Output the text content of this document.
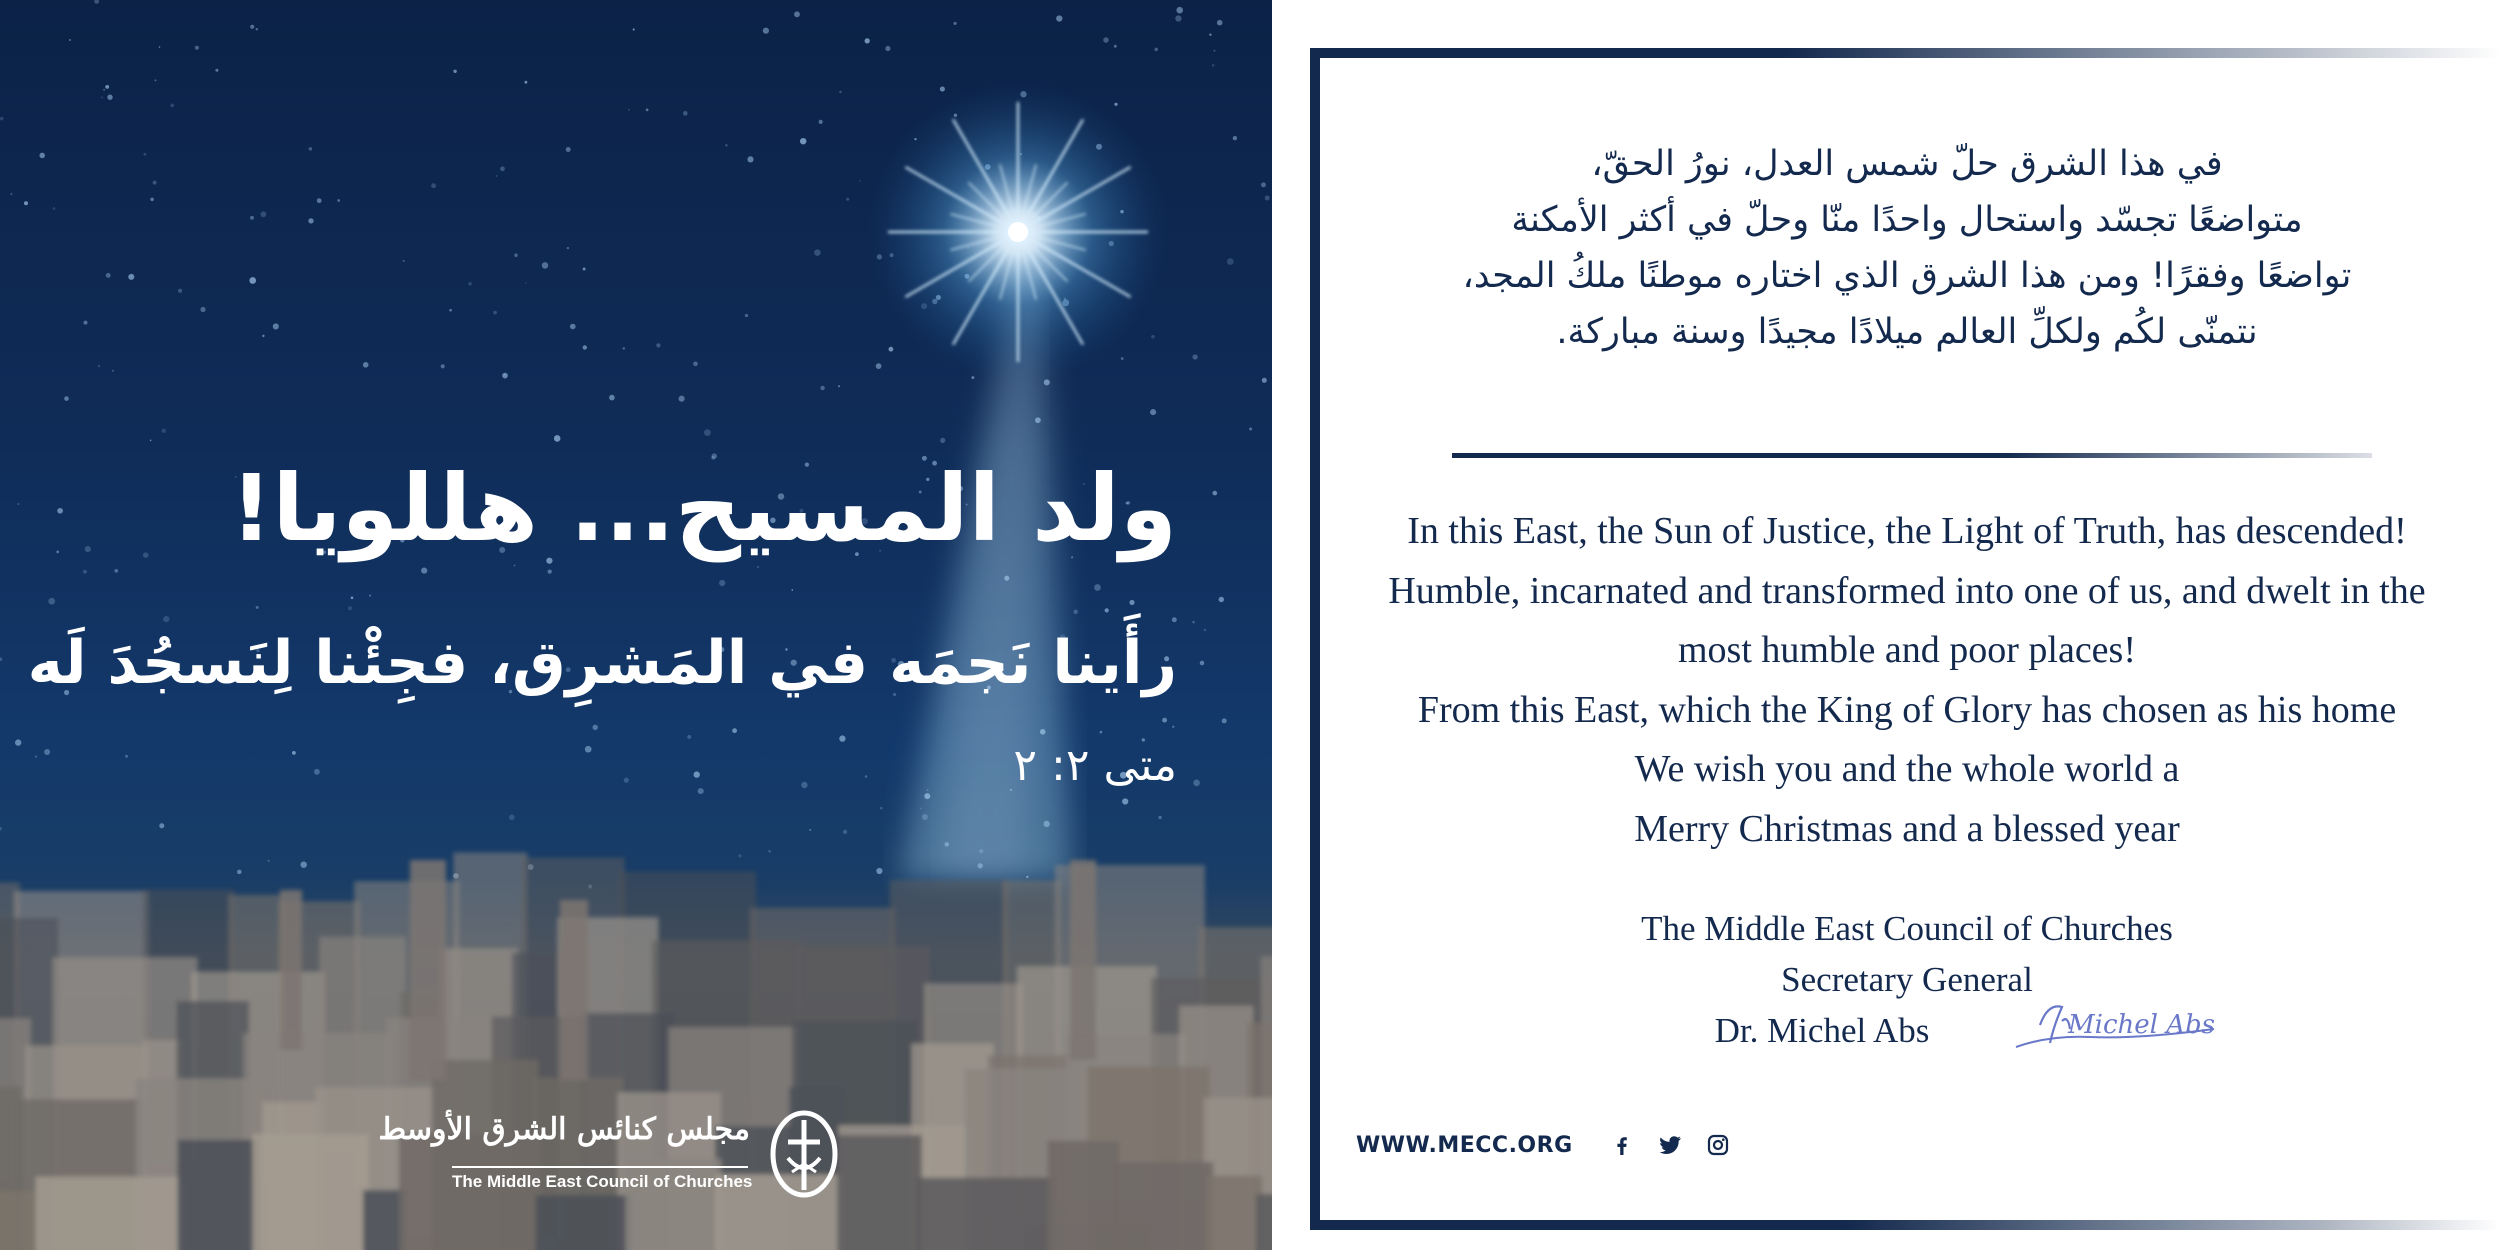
ولد المسيح... هللويا!
رأَينا نَجمَه في المَشرِق، فجِئْنا لِنَسجُدَ لَه
متى ٢: ٢
مجلس كنائس الشرق الأوسط
The Middle East Council of Churches
في هذا الشرق حلّ شمس العدل، نورُ الحقّ،
متواضعًا تجسّد واستحال واحدًا منّا وحلّ في أكثر الأمكنة
تواضعًا وفقرًا! ومن هذا الشرق الذي اختاره موطنًا ملكُ المجد،
نتمنّى لكُم ولكلِّ العالم ميلادًا مجيدًا وسنة مباركة.
In this East, the Sun of Justice, the Light of Truth, has descended!
Humble, incarnated and transformed into one of us, and dwelt in the
most humble and poor places!
From this East, which the King of Glory has chosen as his home
We wish you and the whole world a
Merry Christmas and a blessed year
The Middle East Council of Churches
Secretary General
Dr. Michel Abs	Michel Abs
WWW.MECC.ORG
